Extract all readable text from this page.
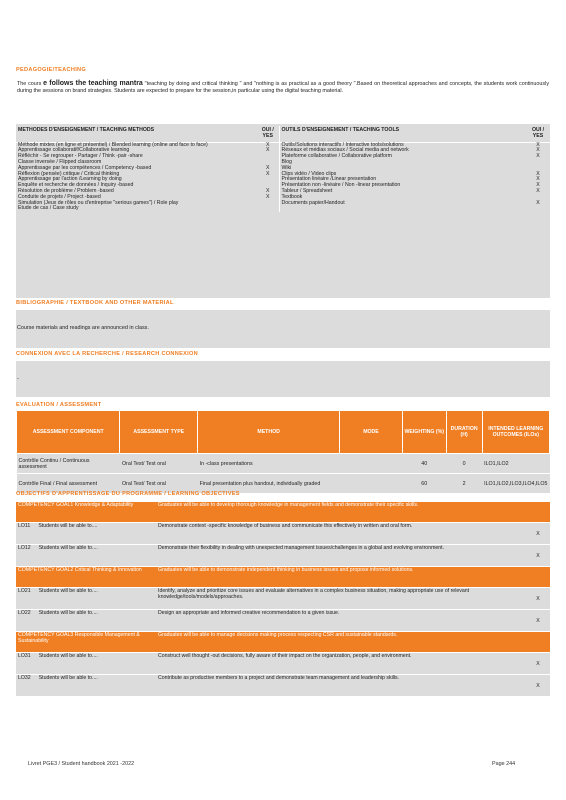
PEDAGOGIE/TEACHING
The cours e follows the teaching mantra "teaching by doing and critical thinking " and "nothing is as practical as a good theory ".Based on theoretical approaches and concepts, the students work continuously during the sessions on brand strategies. Students are expected to prepare for the session,in particular using the digital teaching material.
METHODES D'ENSEIGNEMENT / TEACHING METHODS	OUI / YES	OUTILS D'ENSEIGNEMENT / TEACHING TOOLS	OUI / YES
Méthode mixtes (en ligne et présentiel) / Blended learning (online and face to face)	X	Outils/Solutions interactifs / Interactive tools/solutions	X
Apprentissage collaboratif/Collaborative learning	X	Réseaux et médias sociaux / Social media and network	X
Réfléchir - Se regrouper - Partager / Think -pair -share		Plateforme collaborative / Collaborative platform	X
Classe inversée / Flipped classroom		Blog	
Apprentissage par les compétences / Competency -based	X	Wiki	
Réflexion (pensée) critique / Critical thinking	X	Clips vidéo / Video clips	X
Apprentissage par l'action /Learning by doing		Présentation linéaire /Linear presentation	X
Enquête et recherche de données / Inquiry -based		Présentation non -linéaire / Non -linear presentation	X
Résolution de problème / Problem -based	X	Tableur / Spreadsheet	X
Conduite de projets / Project -based	X	Textbook	
Simulation (Jeux de rôles ou d'entreprise "serious games") / Role play		Documents papier/Handout	X
Etude de cas / Case study			
BIBLIOGRAPHIE / TEXTBOOK AND OTHER MATERIAL
Course materials and readings are announced in class.
CONNEXION AVEC LA RECHERCHE / RESEARCH CONNEXION
-
EVALUATION / ASSESSMENT
ASSESSMENT COMPONENT	ASSESSMENT TYPE	METHOD	MODE	WEIGHTING (%)	DURATION (H)	INTENDED LEARNING OUTCOMES (ILOs)
Contrôle Continu / Continuous assessment	Oral Test/ Test oral	In -class presentations		40	0	ILO1,ILO2
Contrôle Final / Final assessment	Oral Test/ Test oral	Final presentation plus handout, individually graded		60	2	ILO1,ILO2,ILO3,ILO4,ILO5
OBJECTIFS D'APPRENTISSAGE DU PROGRAMME / LEARNING OBJECTIVES
COMPETENCY GOAL1 Knowledge & Adaptability	Graduates will be able to develop thorough knowledge in management fields and demonstrate their specific skills.	
LO11 Students will be able to....	Demonstrate context -specific knowledge of business and communicate this effectively in written and oral form.	X
LO12 Students will be able to....	Demonstrate their flexibility in dealing with unexpected management issues/challenges in a global and evolving environment.	X
COMPETENCY GOAL2 Critical Thinking & Innovation	Graduates will be able to demonstrate independent thinking in business issues and propose informed solutions.	
LO21 Students will be able to....	Identify, analyze and prioritize core issues and evaluate alternatives in a complex business situation, making appropriate use of relevant knowledge/tools/models/approaches.	X
LO22 Students will be able to....	Design an appropriate and informed creative recommendation to a given issue.	X
COMPETENCY GOAL3 Responsible Management & Sustainability	Graduates will be able to manage decisions making process respecting CSR and sustainable standards.	
LO31 Students will be able to....	Construct well thought -out decisions, fully aware of their impact on the organization, people, and environment.	X
LO32 Students will be able to....	Contribute as productive members to a project and demonstrate team management and leadership skills.	X
Livret PGE3 / Student handbook 2021 -2022	Page 244
